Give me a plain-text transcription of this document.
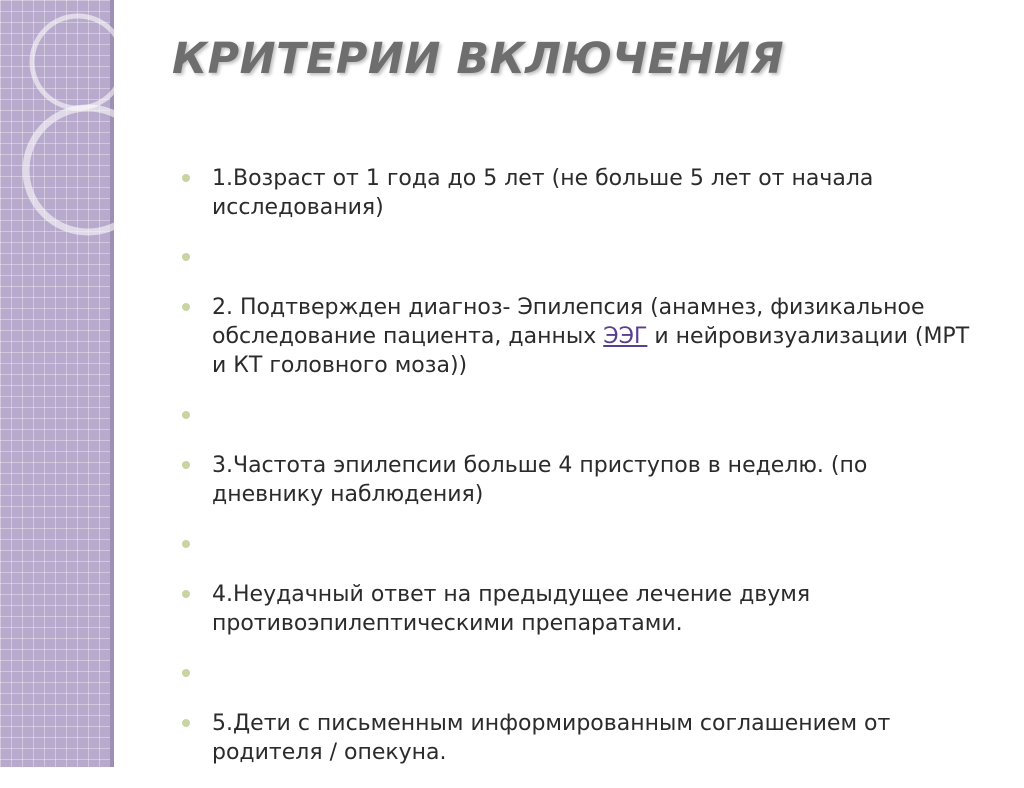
КРИТЕРИИ ВКЛЮЧЕНИЯ
1.Возраст от 1 года до 5 лет (не больше 5 лет от начала исследования)
2. Подтвержден диагноз- Эпилепсия (анамнез, физикальное обследование пациента, данных ЭЭГ и нейровизуализации (МРТ и КТ головного моза))
3.Частота эпилепсии больше 4 приступов в неделю. (по дневнику наблюдения)
4.Неудачный ответ на предыдущее лечение двумя противоэпилептическими препаратами.
5.Дети с письменным информированным соглашением от родителя / опекуна.
